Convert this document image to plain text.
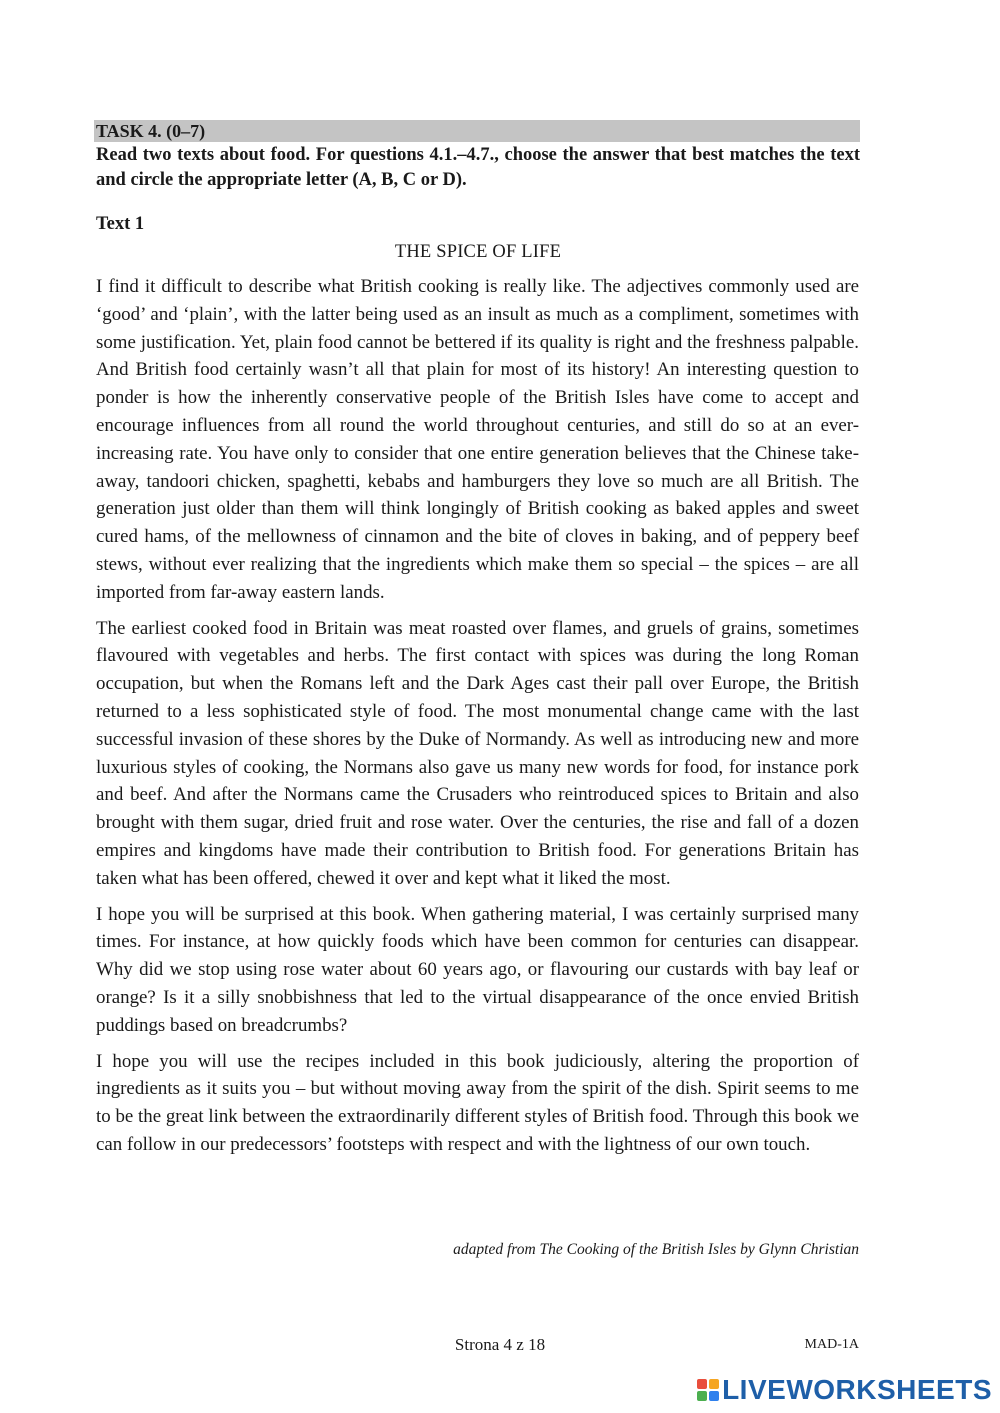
TASK 4. (0–7)
Read two texts about food. For questions 4.1.–4.7., choose the answer that best matches the text and circle the appropriate letter (A, B, C or D).
Text 1
THE SPICE OF LIFE

I find it difficult to describe what British cooking is really like. The adjectives commonly used are ‘good’ and ‘plain’, with the latter being used as an insult as much as a compliment, sometimes with some justification. Yet, plain food cannot be bettered if its quality is right and the freshness palpable. And British food certainly wasn’t all that plain for most of its history! An interesting question to ponder is how the inherently conservative people of the British Isles have come to accept and encourage influences from all round the world throughout centuries, and still do so at an ever-increasing rate. You have only to consider that one entire generation believes that the Chinese take-away, tandoori chicken, spaghetti, kebabs and hamburgers they love so much are all British. The generation just older than them will think longingly of British cooking as baked apples and sweet cured hams, of the mellowness of cinnamon and the bite of cloves in baking, and of peppery beef stews, without ever realizing that the ingredients which make them so special – the spices – are all imported from far-away eastern lands.

The earliest cooked food in Britain was meat roasted over flames, and gruels of grains, sometimes flavoured with vegetables and herbs. The first contact with spices was during the long Roman occupation, but when the Romans left and the Dark Ages cast their pall over Europe, the British returned to a less sophisticated style of food. The most monumental change came with the last successful invasion of these shores by the Duke of Normandy. As well as introducing new and more luxurious styles of cooking, the Normans also gave us many new words for food, for instance pork and beef. And after the Normans came the Crusaders who reintroduced spices to Britain and also brought with them sugar, dried fruit and rose water. Over the centuries, the rise and fall of a dozen empires and kingdoms have made their contribution to British food. For generations Britain has taken what has been offered, chewed it over and kept what it liked the most.

I hope you will be surprised at this book. When gathering material, I was certainly surprised many times. For instance, at how quickly foods which have been common for centuries can disappear. Why did we stop using rose water about 60 years ago, or flavouring our custards with bay leaf or orange? Is it a silly snobbishness that led to the virtual disappearance of the once envied British puddings based on breadcrumbs?

I hope you will use the recipes included in this book judiciously, altering the proportion of ingredients as it suits you – but without moving away from the spirit of the dish. Spirit seems to me to be the great link between the extraordinarily different styles of British food. Through this book we can follow in our predecessors’ footsteps with respect and with the lightness of our own touch.

adapted from The Cooking of the British Isles by Glynn Christian
Strona 4 z 18	MAD-1A
LIVEWORKSHEETS
